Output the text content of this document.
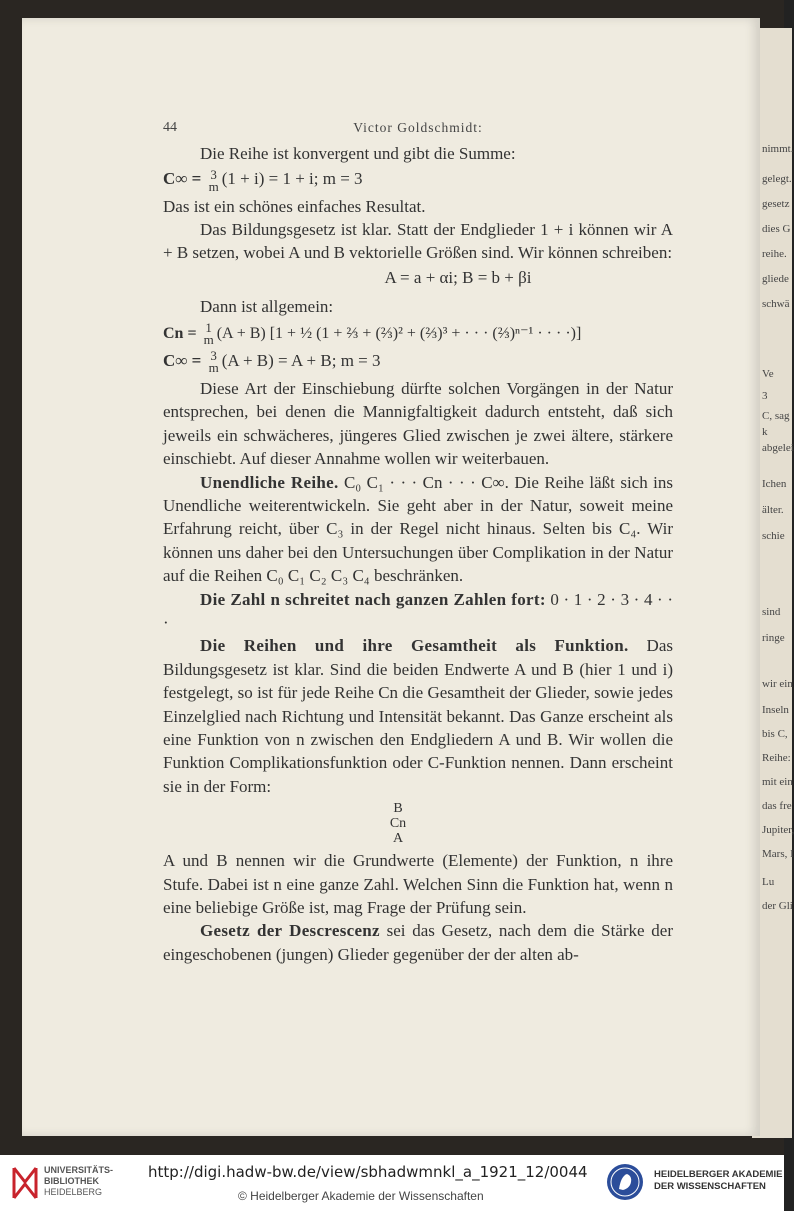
nimmt.
gelegt.
gesetz
dies G
reihe.
gliede
schwä
Ve
3
C, sag
k
abgelei
Ichen
älter.
schie
sind
ringe
wir ein
Inseln
bis C,
Reihe:
mit ein
das fre
Jupiter,
Mars, I
Lu
der Gli
44	Victor Goldschmidt:

Die Reihe ist konvergent und gibt die Summe:

C∞ = 3
m (1 + i) = 1 + i; m = 3

Das ist ein schönes einfaches Resultat.

Das Bildungsgesetz ist klar. Statt der Endglieder 1 + i können wir A + B setzen, wobei A und B vektorielle Größen sind. Wir können schreiben:

A = a + αi; B = b + βi

Dann ist allgemein:

Cn = 1
m (A + B) [1 + ½ (1 + ⅔ + (⅔)² + (⅔)³ + · · · (⅔)ⁿ⁻¹ · · · ·)]

C∞ = 3
m (A + B) = A + B; m = 3

Diese Art der Einschiebung dürfte solchen Vorgängen in der Natur entsprechen, bei denen die Mannigfaltigkeit dadurch entsteht, daß sich jeweils ein schwächeres, jüngeres Glied zwischen je zwei ältere, stärkere einschiebt. Auf dieser Annahme wollen wir weiterbauen.

Unendliche Reihe. C₀ C₁ · · · Cn · · · C∞. Die Reihe läßt sich ins Unendliche weiterentwickeln. Sie geht aber in der Natur, soweit meine Erfahrung reicht, über C₃ in der Regel nicht hinaus. Selten bis C₄. Wir können uns daher bei den Untersuchungen über Complikation in der Natur auf die Reihen C₀ C₁ C₂ C₃ C₄ beschränken.

Die Zahl n schreitet nach ganzen Zahlen fort: 0 · 1 · 2 · 3 · 4 · · ·

Die Reihen und ihre Gesamtheit als Funktion. Das Bildungsgesetz ist klar. Sind die beiden Endwerte A und B (hier 1 und i) festgelegt, so ist für jede Reihe Cn die Gesamtheit der Glieder, sowie jedes Einzelglied nach Richtung und Intensität bekannt. Das Ganze erscheint als eine Funktion von n zwischen den Endgliedern A und B. Wir wollen die Funktion Complikationsfunktion oder C-Funktion nennen. Dann erscheint sie in der Form:

B
Cn
A

A und B nennen wir die Grundwerte (Elemente) der Funktion, n ihre Stufe. Dabei ist n eine ganze Zahl. Welchen Sinn die Funktion hat, wenn n eine beliebige Größe ist, mag Frage der Prüfung sein.

Gesetz der Descrescenz sei das Gesetz, nach dem die Stärke der eingeschobenen (jungen) Glieder gegenüber der der alten ab-

UNIVERSITÄTS-
BIBLIOTHEK
HEIDELBERG
http://digi.hadw-bw.de/view/sbhadwmnkl_a_1921_12/0044
© Heidelberger Akademie der Wissenschaften
HEIDELBERGER AKADEMIE
DER WISSENSCHAFTEN
